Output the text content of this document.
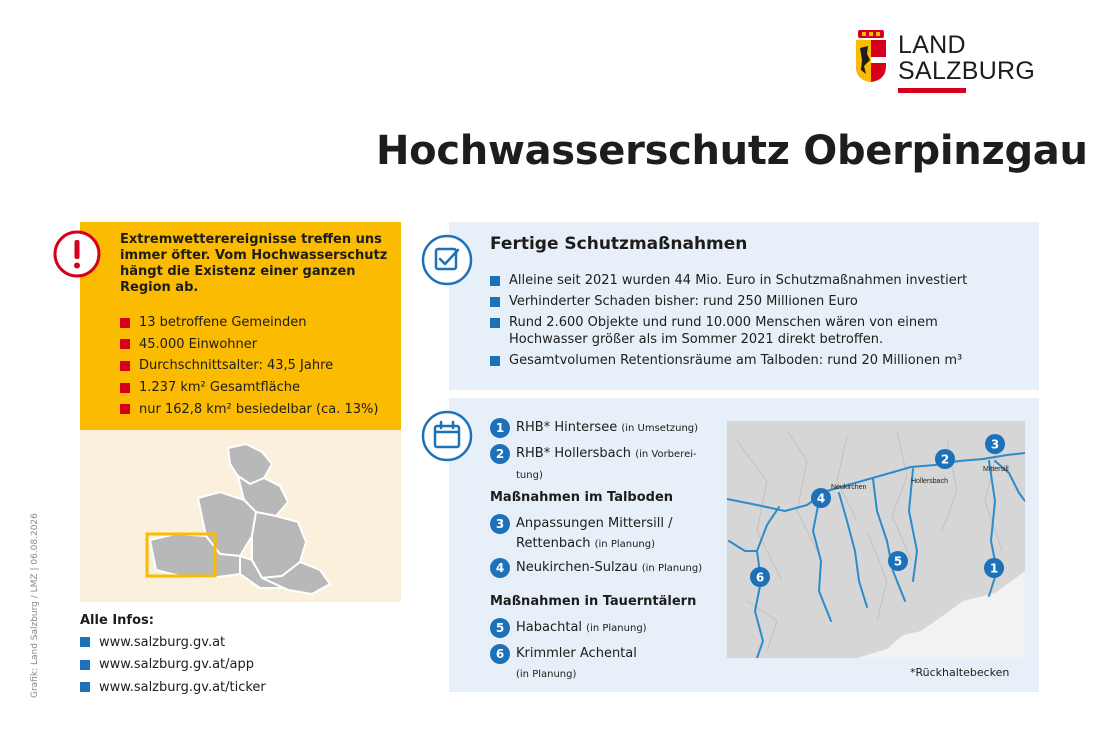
LAND
SALZBURG
Hochwasserschutz Oberpinzgau
Grafik: Land Salzburg / LMZ | 06.08.2026

Extremwetterereignisse treffen uns immer öfter. Vom Hochwasserschutz hängt die Existenz einer ganzen Region ab.

13 betroffene Gemeinden
45.000 Einwohner
Durchschnittsalter: 43,5 Jahre
1.237 km² Gesamtfläche
nur 162,8 km² besiedelbar (ca. 13%)
Alle Infos:
www.salzburg.gv.at
www.salzburg.gv.at/app
www.salzburg.gv.at/ticker
Fertige Schutzmaßnahmen
Alleine seit 2021 wurden 44 Mio. Euro in Schutzmaßnahmen investiert
Verhinderter Schaden bisher: rund 250 Millionen Euro
Rund 2.600 Objekte und rund 10.000 Menschen wären von einem Hochwasser größer als im Sommer 2021 direkt betroffen.
Gesamtvolumen Retentionsräume am Talboden: rund 20 Millionen m³
1 RHB* Hintersee (in Umsetzung)
2 RHB* Hollersbach (in Vorberei-
tung)
Maßnahmen im Talboden
3 Anpassungen Mittersill /
Rettenbach (in Planung)
4 Neukirchen-Sulzau (in Planung)
Maßnahmen in Tauerntälern
5 Habachtal (in Planung)
6 Krimmler Achental
(in Planung)
Neukirchen
Hollersbach
Mittersill
1
2
3
4
5
6
*Rückhaltebecken
